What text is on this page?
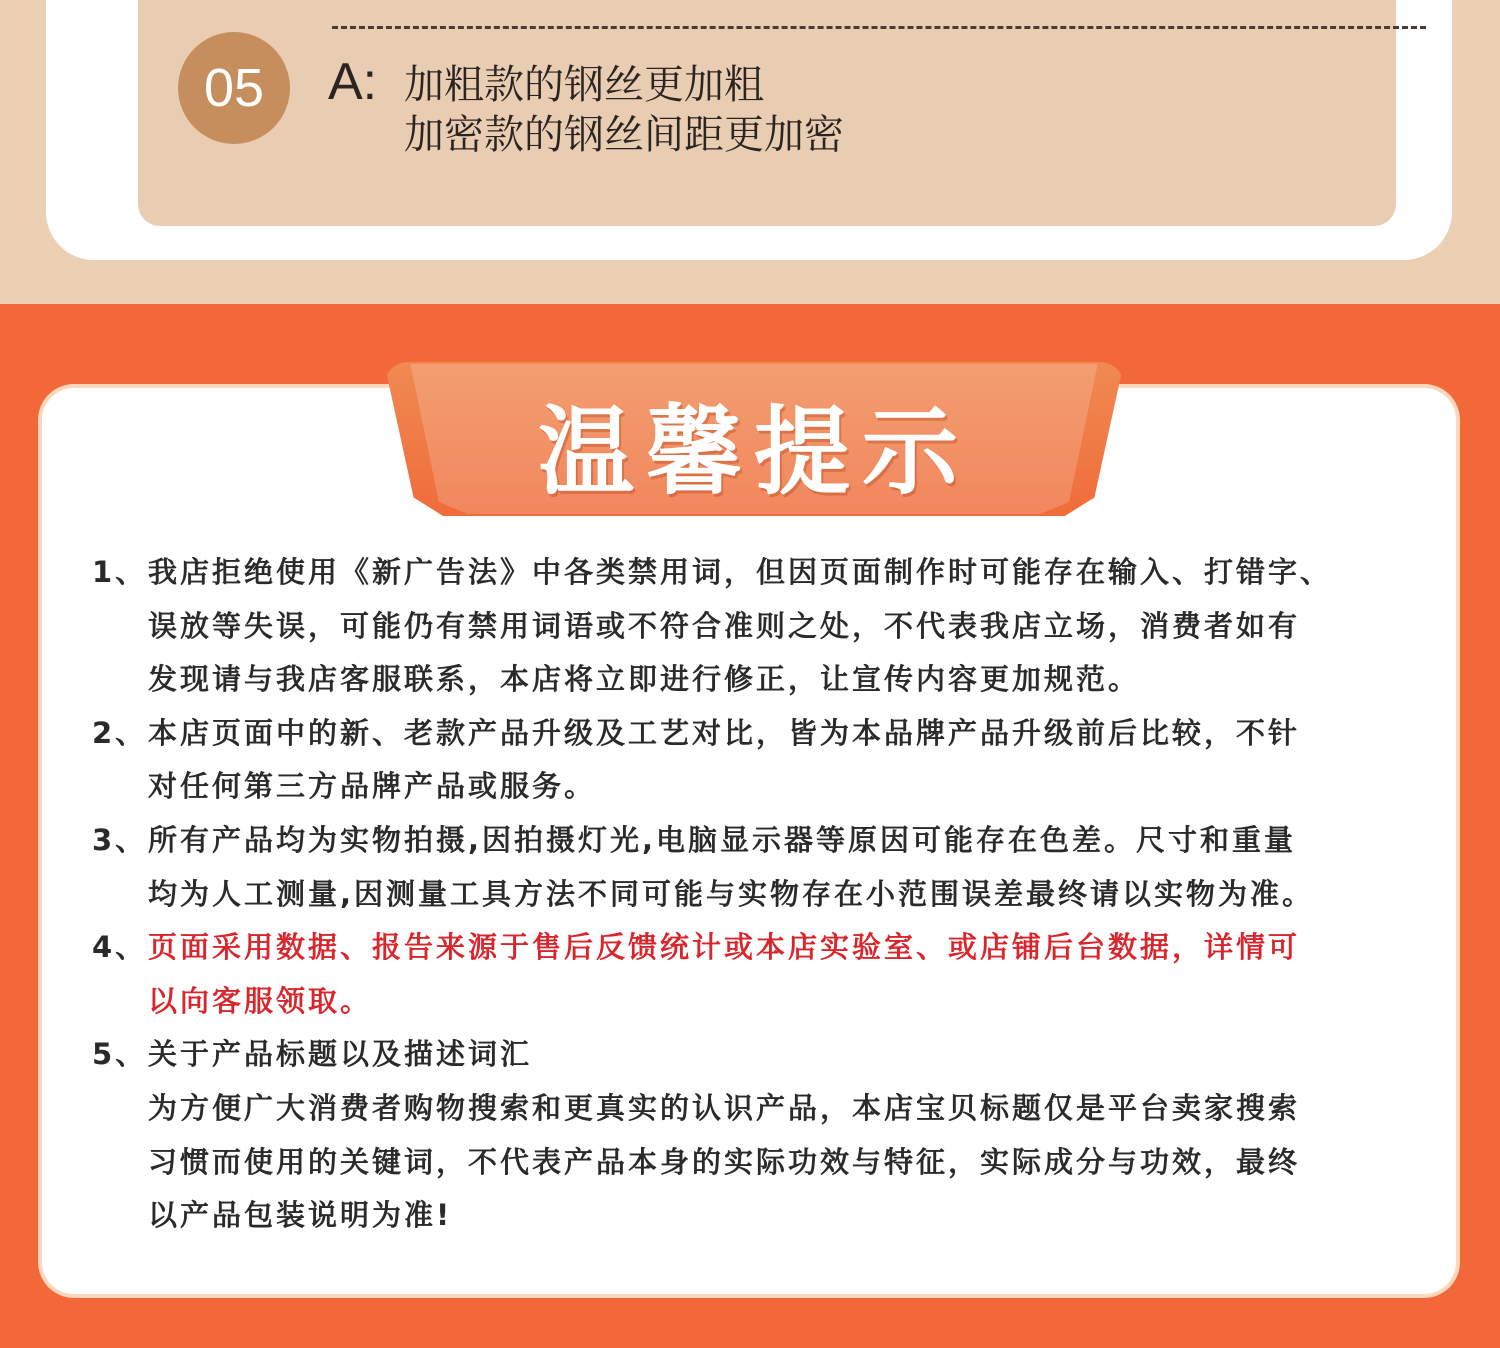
05	A: 加粗款的钢丝更加粗
加密款的钢丝间距更加密
温馨提示
1、 我店拒绝使用《新广告法》中各类禁用词，但因页面制作时可能存在输入、打错字、
误放等失误，可能仍有禁用词语或不符合准则之处，不代表我店立场，消费者如有
发现请与我店客服联系，本店将立即进行修正，让宣传内容更加规范。
2、 本店页面中的新、老款产品升级及工艺对比，皆为本品牌产品升级前后比较，不针
对任何第三方品牌产品或服务。
3、 所有产品均为实物拍摄,因拍摄灯光,电脑显示器等原因可能存在色差。尺寸和重量
均为人工测量,因测量工具方法不同可能与实物存在小范围误差最终请以实物为准。
4、 页面采用数据、报告来源于售后反馈统计或本店实验室、或店铺后台数据，详情可
以向客服领取。
5、 关于产品标题以及描述词汇
为方便广大消费者购物搜索和更真实的认识产品，本店宝贝标题仅是平台卖家搜索
习惯而使用的关键词，不代表产品本身的实际功效与特征，实际成分与功效，最终
以产品包装说明为准!
